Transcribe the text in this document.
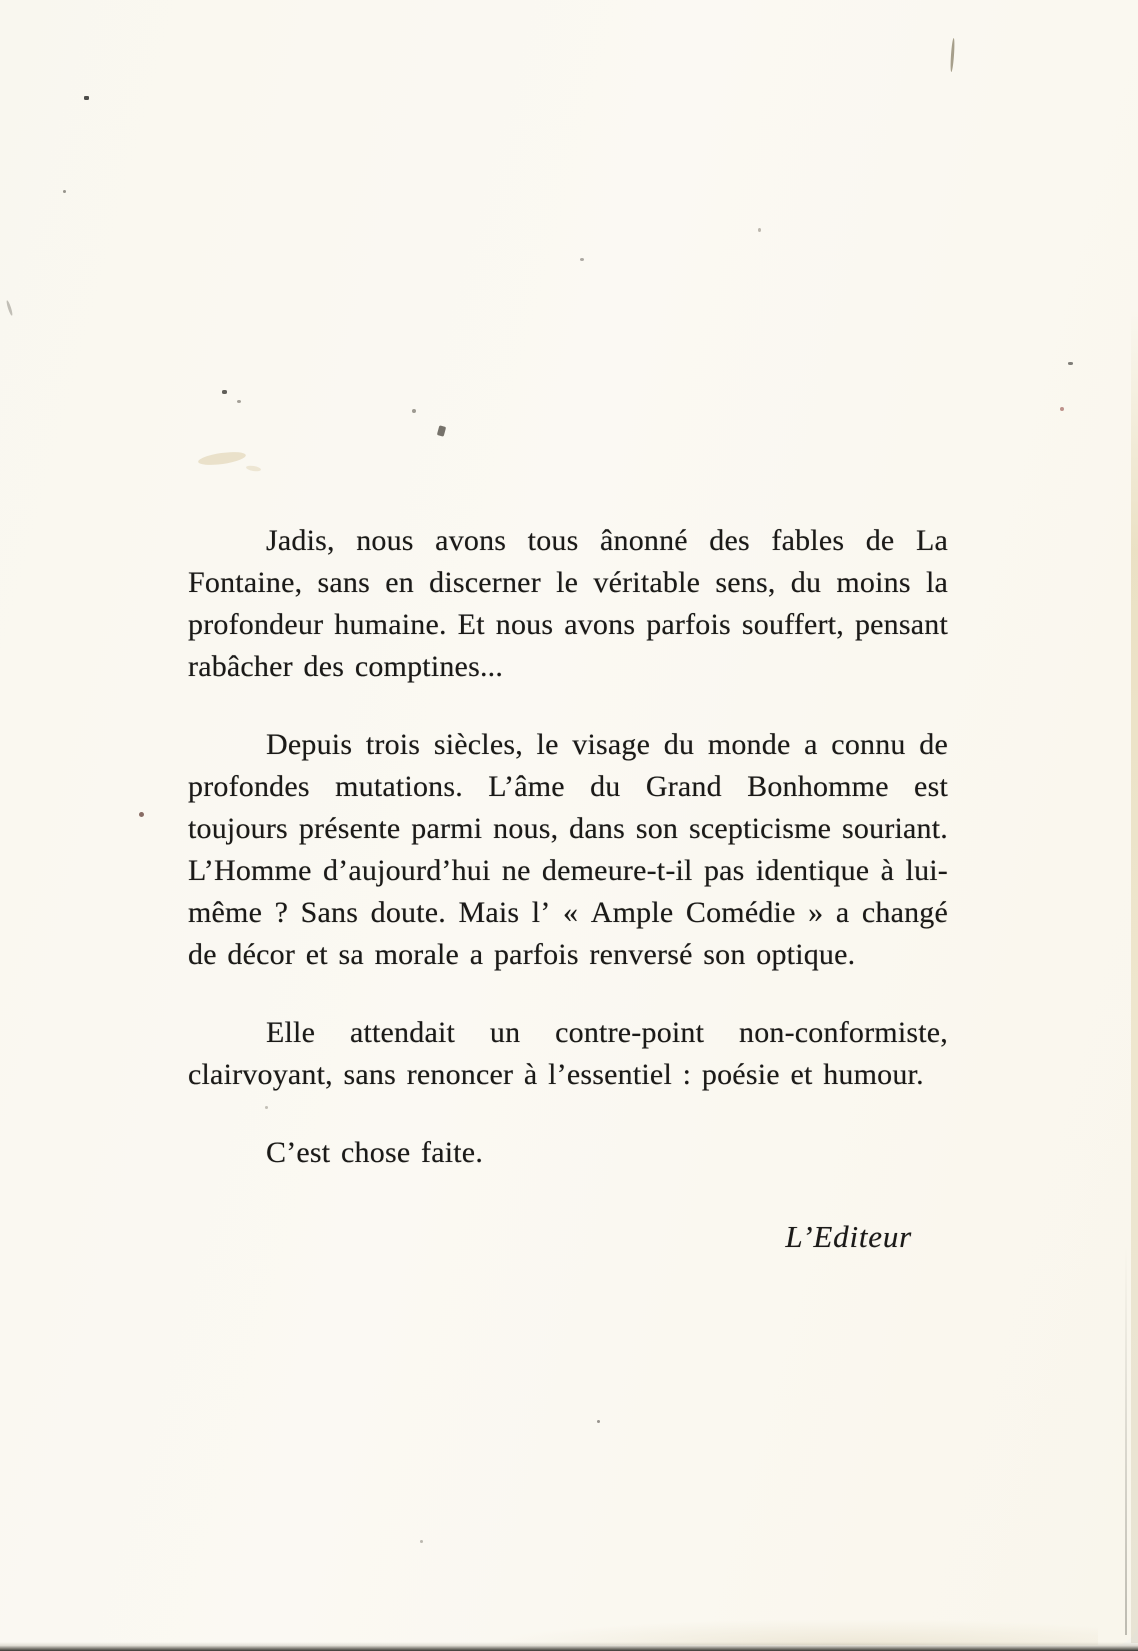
Jadis, nous avons tous ânonné des fables de La Fontaine, sans en discerner le véritable sens, du moins la profondeur humaine. Et nous avons parfois souffert, pensant rabâcher des comptines...

Depuis trois siècles, le visage du monde a connu de profondes mutations. L’âme du Grand Bonhomme est toujours présente parmi nous, dans son scepticisme souriant. L’Homme d’aujourd’hui ne demeure-t-il pas identique à lui-même ? Sans doute. Mais l’ « Ample Comédie » a changé de décor et sa morale a parfois renversé son optique.

Elle attendait un contre-point non-conformiste, clairvoyant, sans renoncer à l’essentiel : poésie et humour.

C’est chose faite.

L’Editeur
